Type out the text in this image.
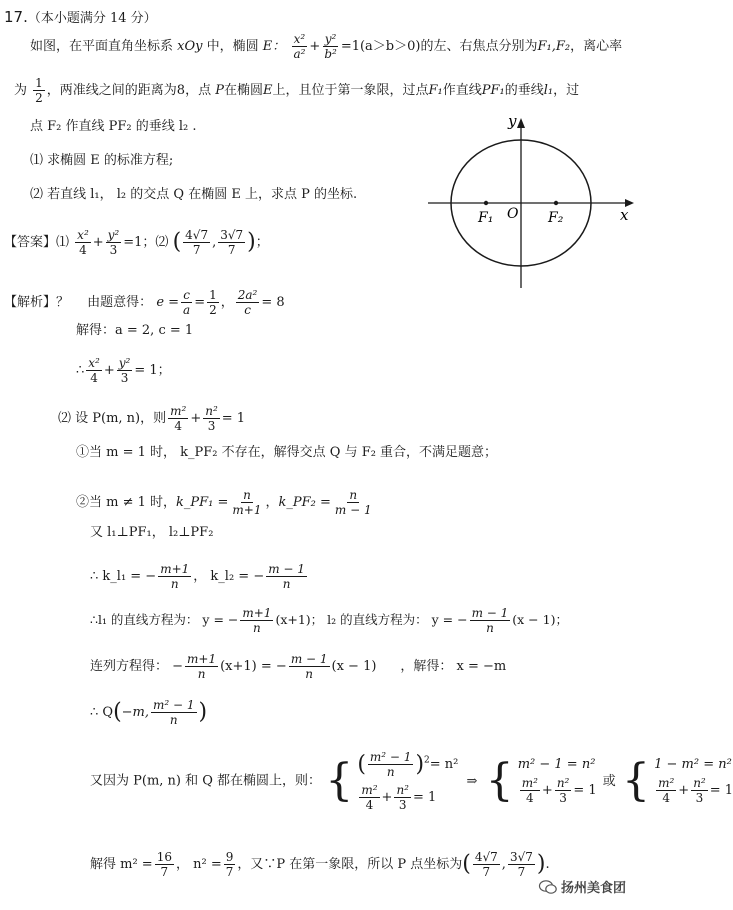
17.（本小题满分 14 分）
如图，在平面直角坐标系 xOy 中，椭圆 E： $\frac{\text{x²}}{\text{a²}} + \frac{\text{y²}}{\text{b²}} =1(a>b>0)$的左、右焦点分别为F₁,F₂，离心率
为 $\frac{1}{2}$ ，两准线之间的距离为8，点 P在椭圆E上，且位于第一象限，过点F₁作直线PF₁的垂线l₁，过
点 F₂ 作直线 PF₂ 的垂线 l₂ .
⑴ 求椭圆 E 的标准方程;
⑵ 若直线 l₁， l₂ 的交点 Q 在椭圆 E 上，求点 P 的坐标.
y
x
O
F₁	F₂
【答案】⑴ $\frac{\text{x²}}{4} + \frac{\text{y²}}{3} =1$；⑵ ( $\frac{4√7}{7}$ , $\frac{3√7}{7}$ )；
【解析】？ 由题意得： $e = \frac{c}{a} = \frac{1}{2}$ ， $\frac{\text{2a²}}{c} = 8$
解得：a = 2, c = 1
∴ $\frac{\text{x²}}{4} + \frac{\text{y²}}{3} = 1$；
⑵ 设 P(m, n)，则 $\frac{\text{m²}}{4} + \frac{\text{n²}}{3} = 1$
①当 m = 1 时， k_PF₂ 不存在，解得交点 Q 与 F₂ 重合，不满足题意；
②当 m ≠ 1 时，k_PF₁ = $\frac{n}{m+1}$ ，k_PF₂ = $\frac{n}{m - 1}$
又 l₁⊥PF₁， l₂⊥PF₂
∴ k_l₁ = − $\frac{m+1}{n}$ ， k_l₂ = − $\frac{m - 1}{n}$
∴l₁ 的直线方程为： y = − $\frac{m+1}{n} (x+1)$； l₂ 的直线方程为： y = − $\frac{m - 1}{n} (x - 1)$；
连列方程得： − $\frac{m+1}{n} (x+1)$ = − $\frac{m - 1}{n} (x - 1)$ ，解得： x = −m
∴ Q(−m, $\frac{\text{m² − 1}}{n}$ )
又因为 P(m, n) 和 Q 都在椭圆上，则： { ( $\frac{\text{m² − 1}}{n} )^2= n^2$
$\frac{\text{m²}}{4} + \frac{\text{n²}}{3} = 1$
⇒ { m² − 1 = n²
$\frac{\text{m²}}{4} + \frac{\text{n²}}{3} = 1$
或 { 1 − m² = n²
$\frac{\text{m²}}{4} + \frac{\text{n²}}{3} = 1$
解得 $m^2 = \frac{16}{7}$ ， $n^2 = \frac{9}{7}$ ，又∵P 在第一象限，所以 P 点坐标为( $\frac{4√7}{7}$ , $\frac{3√7}{7}$ ).
扬州美食团
